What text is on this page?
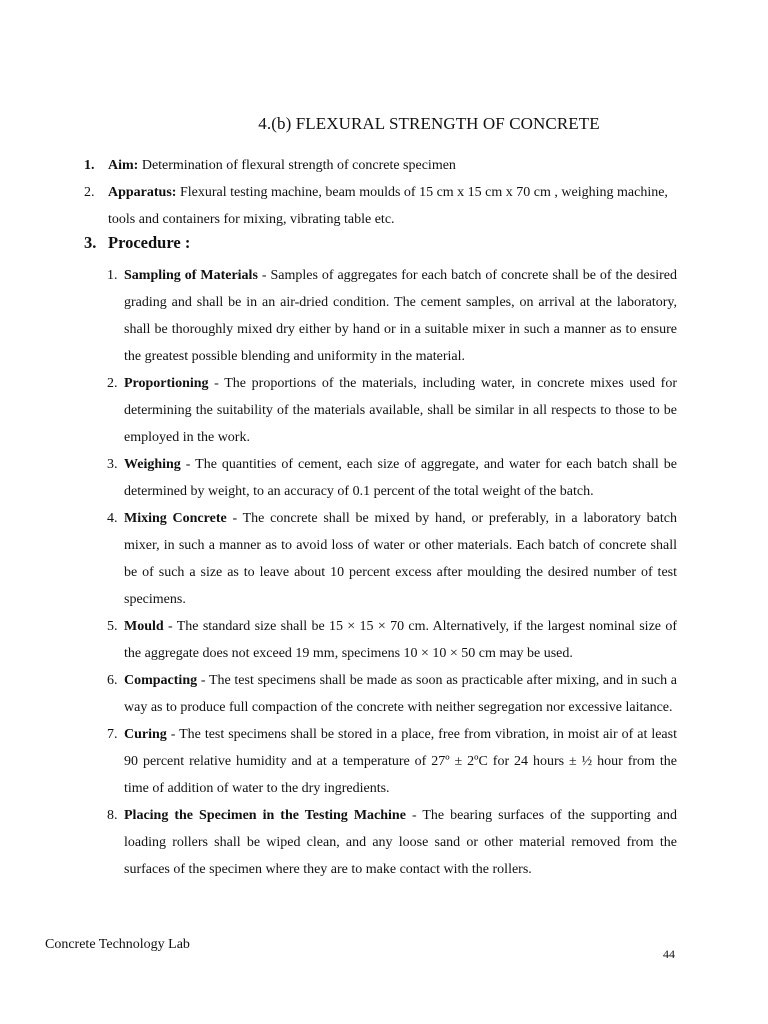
4.(b) FLEXURAL STRENGTH OF CONCRETE
1. Aim: Determination of flexural strength of concrete specimen
2. Apparatus: Flexural testing machine, beam moulds of 15 cm x 15 cm x 70 cm , weighing machine, tools and containers for mixing, vibrating table etc.
3. Procedure :
1. Sampling of Materials - Samples of aggregates for each batch of concrete shall be of the desired grading and shall be in an air-dried condition. The cement samples, on arrival at the laboratory, shall be thoroughly mixed dry either by hand or in a suitable mixer in such a manner as to ensure the greatest possible blending and uniformity in the material.
2. Proportioning - The proportions of the materials, including water, in concrete mixes used for determining the suitability of the materials available, shall be similar in all respects to those to be employed in the work.
3. Weighing - The quantities of cement, each size of aggregate, and water for each batch shall be determined by weight, to an accuracy of 0.1 percent of the total weight of the batch.
4. Mixing Concrete - The concrete shall be mixed by hand, or preferably, in a laboratory batch mixer, in such a manner as to avoid loss of water or other materials. Each batch of concrete shall be of such a size as to leave about 10 percent excess after moulding the desired number of test specimens.
5. Mould - The standard size shall be 15 × 15 × 70 cm. Alternatively, if the largest nominal size of the aggregate does not exceed 19 mm, specimens 10 × 10 × 50 cm may be used.
6. Compacting - The test specimens shall be made as soon as practicable after mixing, and in such a way as to produce full compaction of the concrete with neither segregation nor excessive laitance.
7. Curing - The test specimens shall be stored in a place, free from vibration, in moist air of at least 90 percent relative humidity and at a temperature of 27º ± 2ºC for 24 hours ± ½ hour from the time of addition of water to the dry ingredients.
8. Placing the Specimen in the Testing Machine - The bearing surfaces of the supporting and loading rollers shall be wiped clean, and any loose sand or other material removed from the surfaces of the specimen where they are to make contact with the rollers.
Concrete Technology Lab
44
